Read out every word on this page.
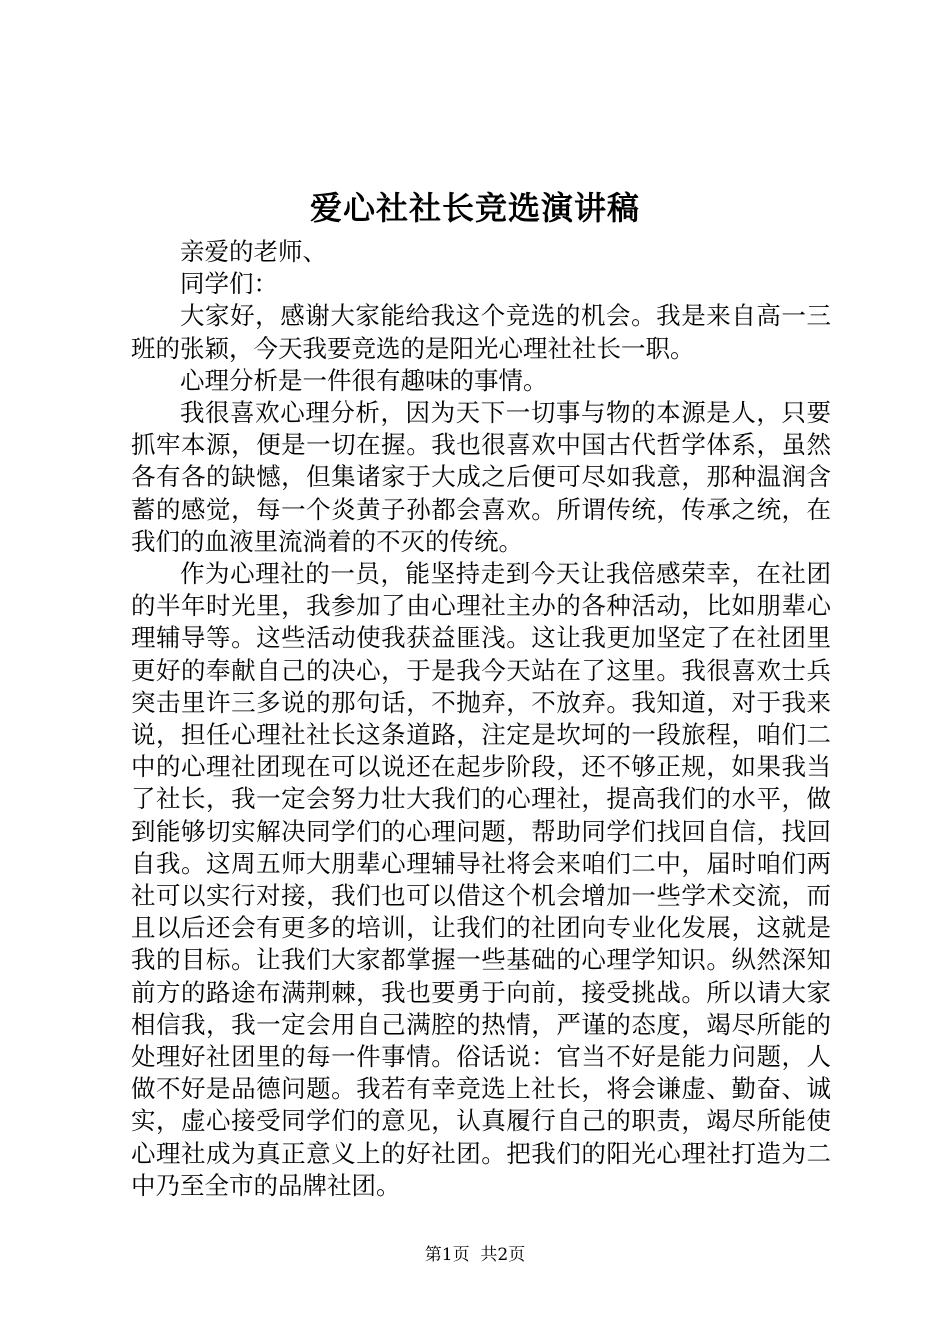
爱心社社长竞选演讲稿

亲爱的老师、

同学们：

大家好，感谢大家能给我这个竞选的机会。我是来自高一三班的张颖，今天我要竞选的是阳光心理社社长一职。

心理分析是一件很有趣味的事情。

我很喜欢心理分析，因为天下一切事与物的本源是人，只要抓牢本源，便是一切在握。我也很喜欢中国古代哲学体系，虽然各有各的缺憾，但集诸家于大成之后便可尽如我意，那种温润含蓄的感觉，每一个炎黄子孙都会喜欢。所谓传统，传承之统，在我们的血液里流淌着的不灭的传统。

作为心理社的一员，能坚持走到今天让我倍感荣幸，在社团的半年时光里，我参加了由心理社主办的各种活动，比如朋辈心理辅导等。这些活动使我获益匪浅。这让我更加坚定了在社团里更好的奉献自己的决心，于是我今天站在了这里。我很喜欢士兵突击里许三多说的那句话，不抛弃，不放弃。我知道，对于我来说，担任心理社社长这条道路，注定是坎坷的一段旅程，咱们二中的心理社团现在可以说还在起步阶段，还不够正规，如果我当了社长，我一定会努力壮大我们的心理社，提高我们的水平，做到能够切实解决同学们的心理问题，帮助同学们找回自信，找回自我。这周五师大朋辈心理辅导社将会来咱们二中，届时咱们两社可以实行对接，我们也可以借这个机会增加一些学术交流，而且以后还会有更多的培训，让我们的社团向专业化发展，这就是我的目标。让我们大家都掌握一些基础的心理学知识。纵然深知前方的路途布满荆棘，我也要勇于向前，接受挑战。所以请大家相信我，我一定会用自己满腔的热情，严谨的态度，竭尽所能的处理好社团里的每一件事情。俗话说：官当不好是能力问题，人做不好是品德问题。我若有幸竞选上社长，将会谦虚、勤奋、诚实，虚心接受同学们的意见，认真履行自己的职责，竭尽所能使心理社成为真正意义上的好社团。把我们的阳光心理社打造为二中乃至全市的品牌社团。

第1页  共2页
